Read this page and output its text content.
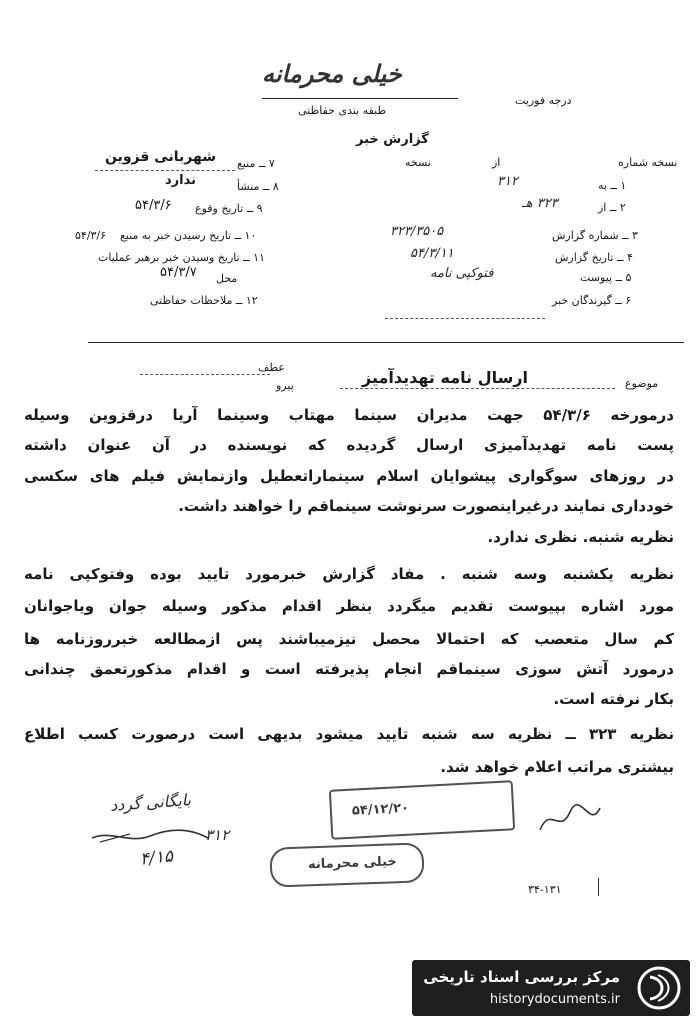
خیلی محرمانه
طبقه بندی حفاظتی
درجه فوریت
گزارش خبر
شهربانی قزوین ۷ ــ منبع
ندارد	۸ ــ منشأ
۵۴/۳/۶ ۹ ــ تاریخ وقوع
۵۴/۳/۶ ۱۰ ــ تاریخ رسیدن خبر به منبع
۱۱ ــ تاریخ وسیدن خبر برهبر عملیات
۵۴/۳/۷ محل
۱۲ ــ ملاحظات حفاظتی
نسخه شماره
از
نسخه
۱ ــ به
۳۱۲
۲ ــ از
۳۲۳ هـ
۳ ــ شماره گزارش
۳۲۳/۳۵۰۵
۴ ــ تاریخ گزارش
۵۴/۳/۱۱
۵ ــ پیوست
فتوکپی نامه
۶ ــ گیرندگان خبر
عطف
پیرو	ارسال نامه تهدیدآمیز	موضوع
درمورخه ۵۴/۳/۶ جهت مدیران سینما مهتاب وسینما آریا درقزوین وسیله
پست نامه تهدیدآمیزی ارسال گردیده که نویسنده در آن عنوان داشته
در روزهای سوگواری پیشوایان اسلام سینماراتعطیل وازنمایش فیلم های سکسی
خودداری نمایند درغیراینصورت سرنوشت سینماقم را خواهند داشت.
نظریه شنبه. نظری ندارد.
نظریه یکشنبه وسه شنبه . مفاد گزارش خبرمورد تایید بوده وفتوکپی نامه
مورد اشاره بپیوست تقدیم میگردد بنظر اقدام مذکور وسیله جوان ویاجوانان
کم سال متعصب که احتمالا محصل نیزمیباشند پس ازمطالعه خبرروزنامه ها
درمورد آتش سوزی سینماقم انجام پذیرفته است و اقدام مذکورتعمق چندانی
بکار نرفته است.
نظریه ۳۲۳ ــ نظریه سه شنبه تایید میشود بدیهی است درصورت کسب اطلاع
بیشتری مراتب اعلام خواهد شد.
بایگانی گردد
۳۱۲
۴/۱۵
۵۴/۱۲/۲۰
خیلی محرمانه
۳۴-۱۳۱
مرکز بررسی اسناد تاریخی
historydocuments.ir
